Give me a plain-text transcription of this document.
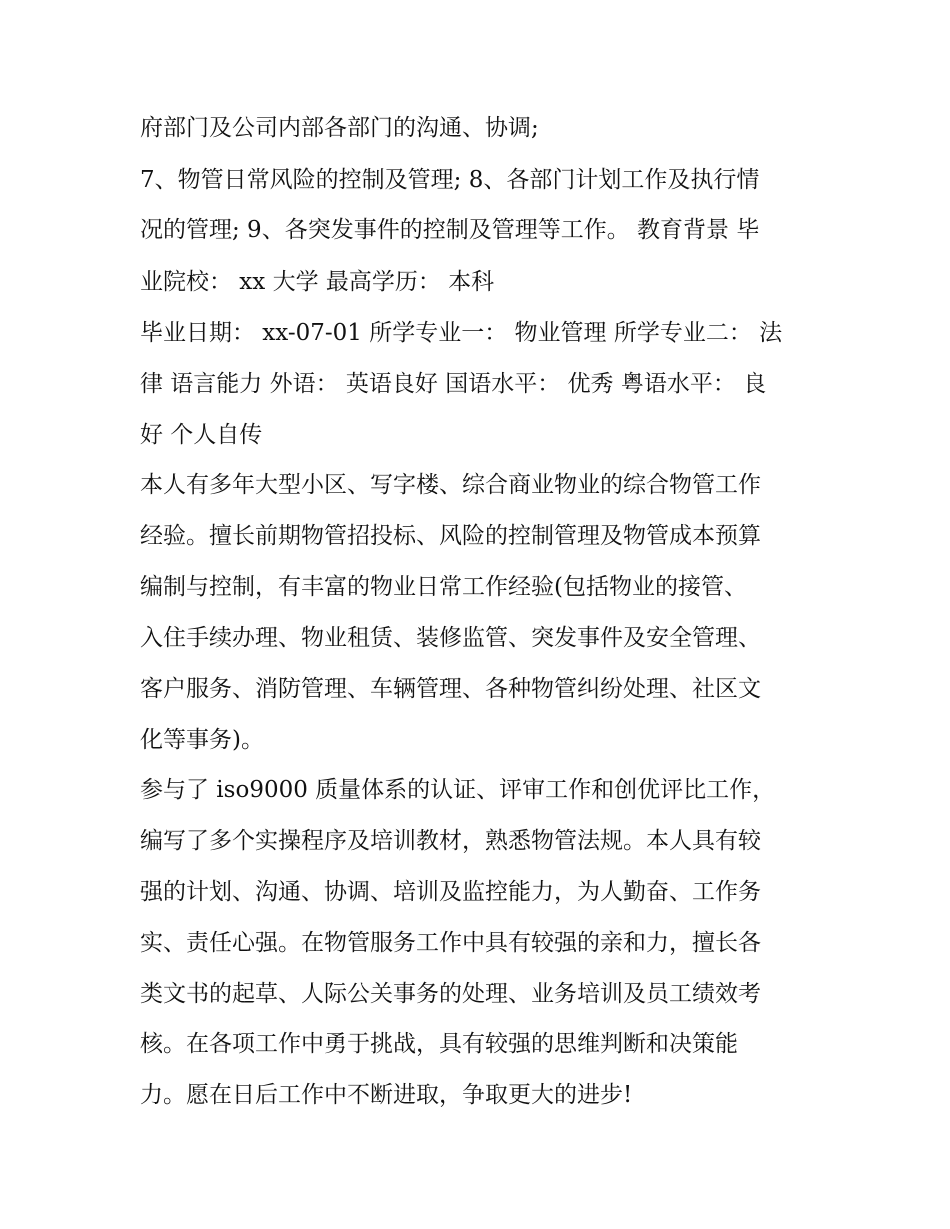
府部门及公司内部各部门的沟通、协调;
7、物管日常风险的控制及管理; 8、各部门计划工作及执行情
况的管理; 9、各突发事件的控制及管理等工作。 教育背景 毕
业院校： xx 大学 最高学历： 本科
毕业日期： xx-07-01 所学专业一： 物业管理 所学专业二： 法
律 语言能力 外语： 英语良好 国语水平： 优秀 粤语水平： 良
好 个人自传
本人有多年大型小区、写字楼、综合商业物业的综合物管工作
经验。擅长前期物管招投标、风险的控制管理及物管成本预算
编制与控制，有丰富的物业日常工作经验(包括物业的接管、
入住手续办理、物业租赁、装修监管、突发事件及安全管理、
客户服务、消防管理、车辆管理、各种物管纠纷处理、社区文
化等事务)。
参与了 iso9000 质量体系的认证、评审工作和创优评比工作，
编写了多个实操程序及培训教材，熟悉物管法规。本人具有较
强的计划、沟通、协调、培训及监控能力，为人勤奋、工作务
实、责任心强。在物管服务工作中具有较强的亲和力，擅长各
类文书的起草、人际公关事务的处理、业务培训及员工绩效考
核。在各项工作中勇于挑战，具有较强的思维判断和决策能
力。愿在日后工作中不断进取，争取更大的进步!
